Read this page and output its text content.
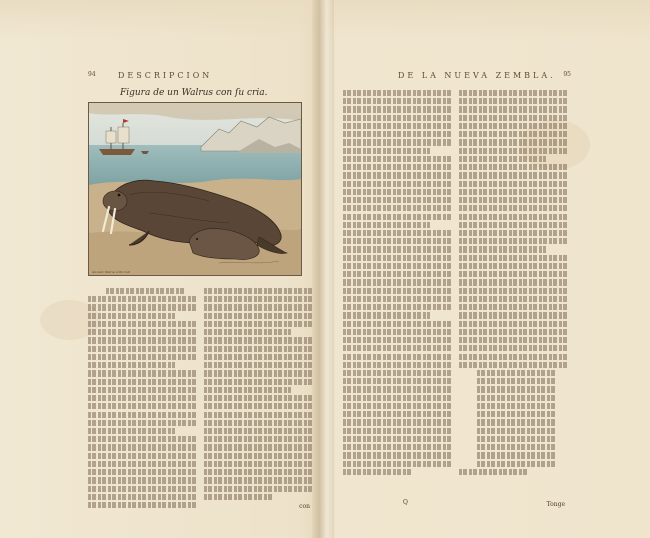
94	DESCRIPCION
Figura de un Walrus con ſu cria.
Ancient Walrus with Calf
con
DE LA NUEVA ZEMBLA. 95
Q	Tonge
